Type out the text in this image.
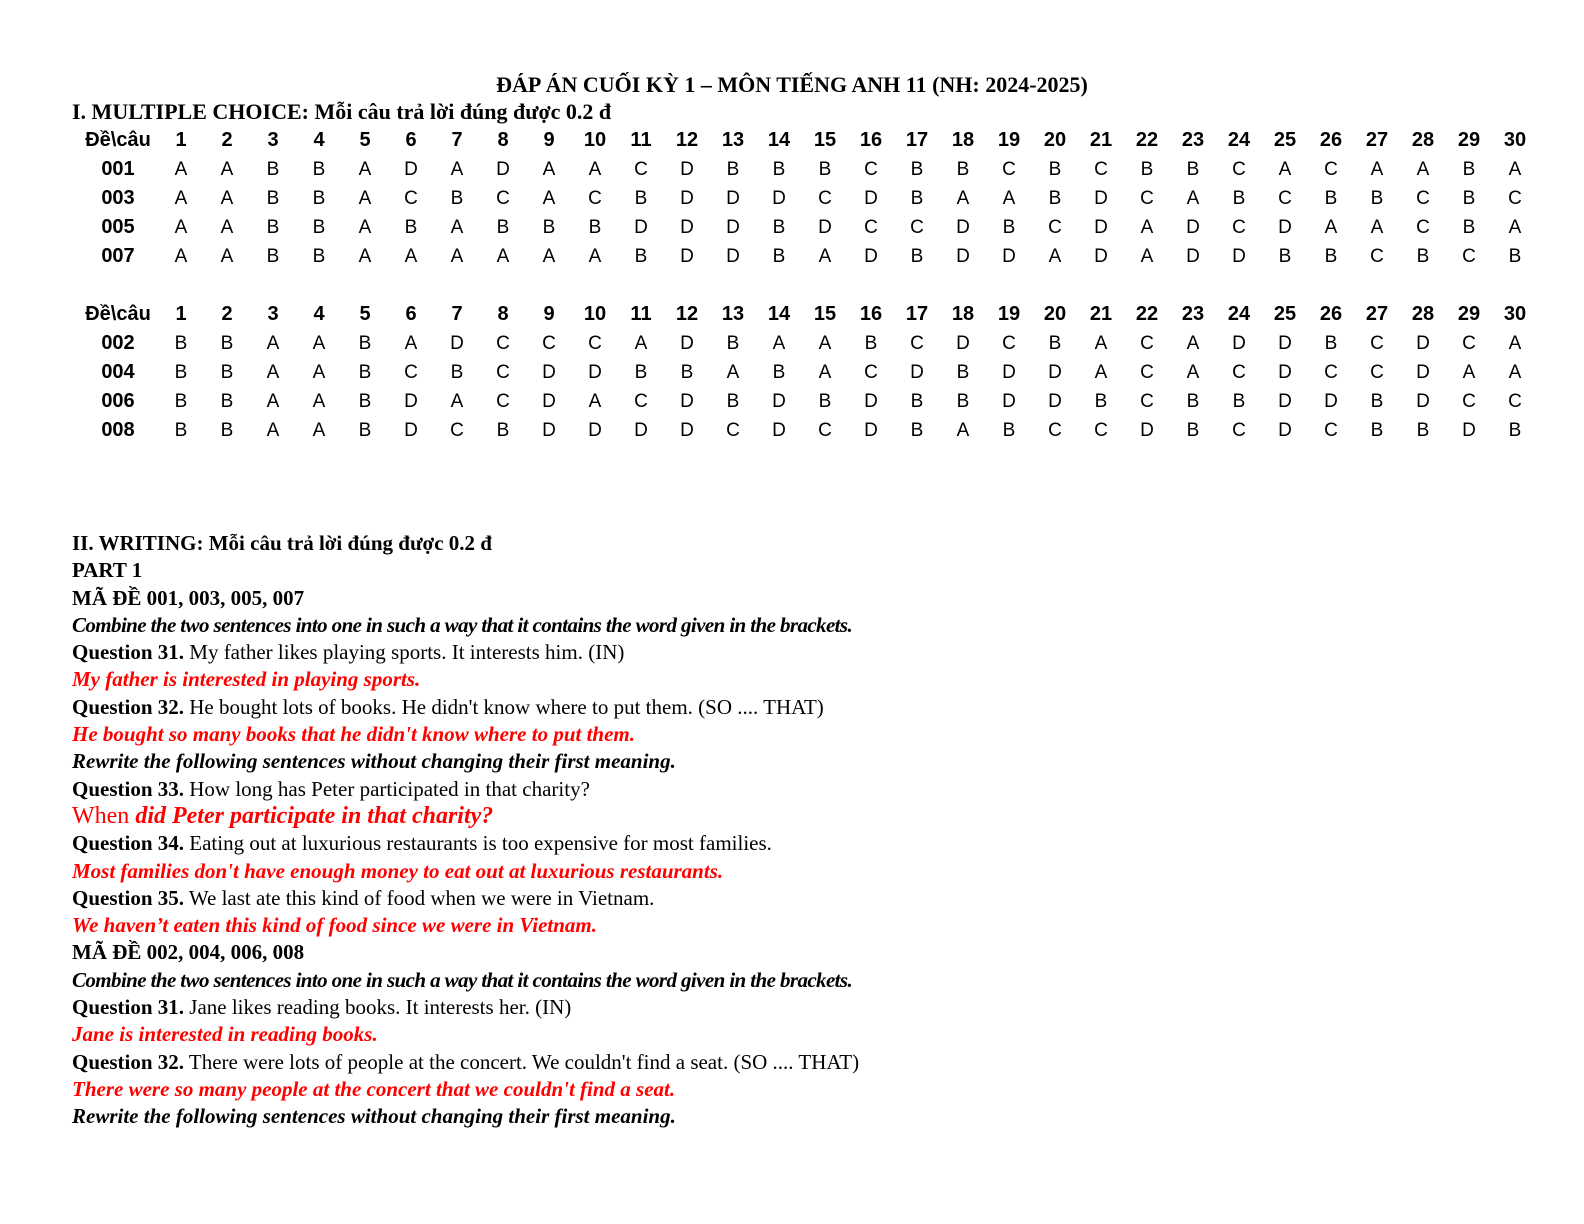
ĐÁP ÁN CUỐI KỲ 1 – MÔN TIẾNG ANH 11 (NH: 2024-2025)
I. MULTIPLE CHOICE: Mỗi câu trả lời đúng được 0.2 đ
Đề\câu	1	2	3	4	5	6	7	8	9	10	11	12	13	14	15	16	17	18	19	20	21	22	23	24	25	26	27	28	29	30
001	A	A	B	B	A	D	A	D	A	A	C	D	B	B	B	C	B	B	C	B	C	B	B	C	A	C	A	A	B	A
003	A	A	B	B	A	C	B	C	A	C	B	D	D	D	C	D	B	A	A	B	D	C	A	B	C	B	B	C	B	C
005	A	A	B	B	A	B	A	B	B	B	D	D	D	B	D	C	C	D	B	C	D	A	D	C	D	A	A	C	B	A
007	A	A	B	B	A	A	A	A	A	A	B	D	D	B	A	D	B	D	D	A	D	A	D	D	B	B	C	B	C	B
Đề\câu	1	2	3	4	5	6	7	8	9	10	11	12	13	14	15	16	17	18	19	20	21	22	23	24	25	26	27	28	29	30
002	B	B	A	A	B	A	D	C	C	C	A	D	B	A	A	B	C	D	C	B	A	C	A	D	D	B	C	D	C	A
004	B	B	A	A	B	C	B	C	D	D	B	B	A	B	A	C	D	B	D	D	A	C	A	C	D	C	C	D	A	A
006	B	B	A	A	B	D	A	C	D	A	C	D	B	D	B	D	B	B	D	D	B	C	B	B	D	D	B	D	C	C
008	B	B	A	A	B	D	C	B	D	D	D	D	C	D	C	D	B	A	B	C	C	D	B	C	D	C	B	B	D	B
II. WRITING: Mỗi câu trả lời đúng được 0.2 đ
PART 1
MÃ ĐỀ 001, 003, 005, 007
Combine the two sentences into one in such a way that it contains the word given in the brackets.
Question 31. My father likes playing sports. It interests him. (IN)
My father is interested in playing sports.
Question 32. He bought lots of books. He didn't know where to put them. (SO .... THAT)
He bought so many books that he didn't know where to put them.
Rewrite the following sentences without changing their first meaning.
Question 33. How long has Peter participated in that charity?
When did Peter participate in that charity?
Question 34. Eating out at luxurious restaurants is too expensive for most families.
Most families don't have enough money to eat out at luxurious restaurants.
Question 35. We last ate this kind of food when we were in Vietnam.
We haven’t eaten this kind of food since we were in Vietnam.
MÃ ĐỀ 002, 004, 006, 008
Combine the two sentences into one in such a way that it contains the word given in the brackets.
Question 31. Jane likes reading books. It interests her. (IN)
Jane is interested in reading books.
Question 32. There were lots of people at the concert. We couldn't find a seat. (SO .... THAT)
There were so many people at the concert that we couldn't find a seat.
Rewrite the following sentences without changing their first meaning.
